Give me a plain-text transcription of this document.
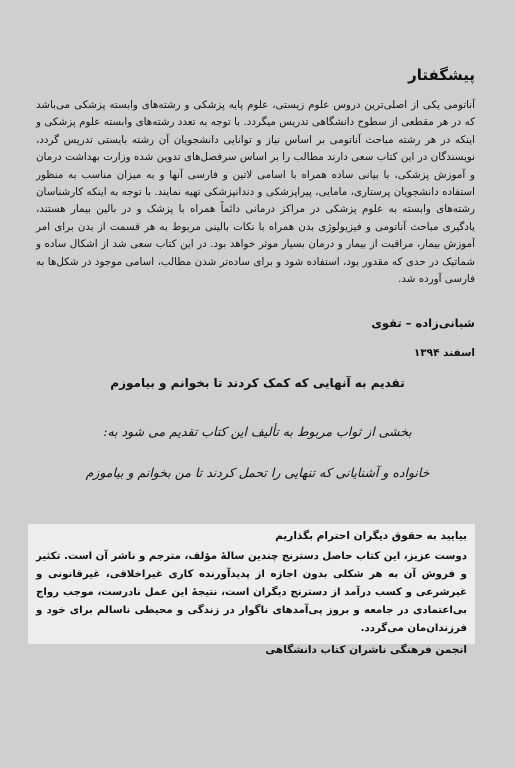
پیشگفتار
آناتومی یکی از اصلی‌ترین دروس علوم زیستی، علوم پایه پزشکی و رشته‌های وابسته پزشکی می‌باشد که در هر مقطعی از سطوح دانشگاهی تدریس میگردد. با توجه به تعدد رشته‌های وابسته علوم پزشکی و اینکه در هر رشته مباحث آناتومی بر اساس نیاز و توانایی دانشجویان آن رشته بایستی تدریس گردد، نویسندگان در این کتاب سعی دارند مطالب را بر اساس سرفصل‌های تدوین شده وزارت بهداشت درمان و آموزش پزشکی، با بیانی ساده همراه با اسامی لاتین و فارسی آنها و به میزان مناسب به منظور استفاده دانشجویان پرستاری، مامایی، پیراپزشکی و دندانپزشکی تهیه نمایند. با توجه به اینکه کارشناسان رشته‌های وابسته به علوم پزشکی در مراکز درمانی دائماً همراه با پزشک و در بالین بیمار هستند، یادگیری مباحث آناتومی و فیزیولوژی بدن همراه با نکات بالینی مربوط به هر قسمت از بدن برای امر آموزش بیمار، مراقبت از بیمار و درمان بسیار موثر خواهد بود. در این کتاب سعی شد از اشکال ساده و شماتیک در حدی که مقدور بود، استفاده شود و برای ساده‌تر شدن مطالب، اسامی موجود در شکل‌ها به فارسی آورده شد.
شبانی‌زاده – تقوی
اسفند ۱۳۹۴
تقدیم به آنهایی که کمک کردند تا بخوانم و بیاموزم
بخشی از ثواب مربوط به تألیف این کتاب تقدیم می شود به:
خانواده و آشنایانی که تنهایی را تحمل کردند تا من بخوانم و بیاموزم
بیایید به حقوق دیگران احترام بگذاریم
دوست عزیز، این کتاب حاصل دسترنج چندین سالهٔ مؤلف، مترجم و ناشر آن است. تکثیر و فروش آن به هر شکلی بدون اجازه از پدیدآورنده کاری غیراخلاقی، غیرقانونی و غیرشرعی و کسب درآمد از دسترنج دیگران است، نتیجهٔ این عمل نادرست، موجب رواج بی‌اعتمادی در جامعه و بروز پی‌آمدهای ناگوار در زندگی و محیطی ناسالم برای خود و فرزندان‌مان می‌گردد.
انجمن فرهنگی ناشران کتاب دانشگاهی
